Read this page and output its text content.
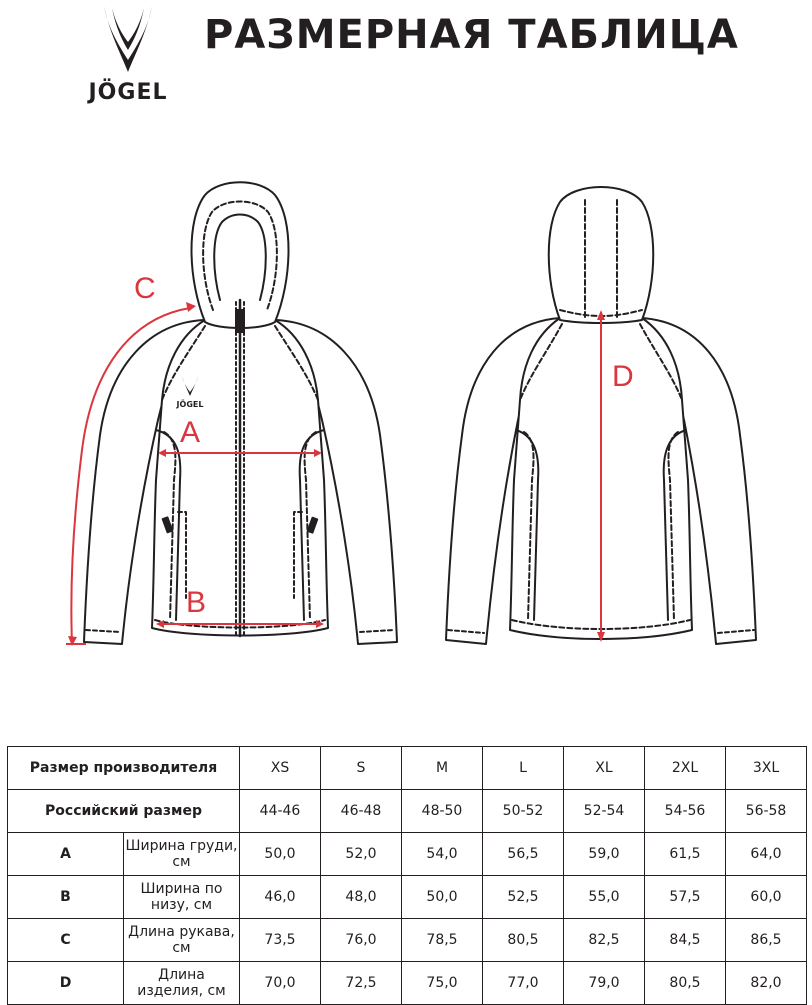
JÖGEL
РАЗМЕРНАЯ ТАБЛИЦА
JÖGEL
C
A
B
D
Размер производителя		XS	S	M	L	XL	2XL	3XL
Российский размер		44-46	46-48	48-50	50-52	52-54	54-56	56-58
A	Ширина груди, см	50,0	52,0	54,0	56,5	59,0	61,5	64,0
B	Ширина по низу, см	46,0	48,0	50,0	52,5	55,0	57,5	60,0
C	Длина рукава, см	73,5	76,0	78,5	80,5	82,5	84,5	86,5
D	Длина изделия, см	70,0	72,5	75,0	77,0	79,0	80,5	82,0
